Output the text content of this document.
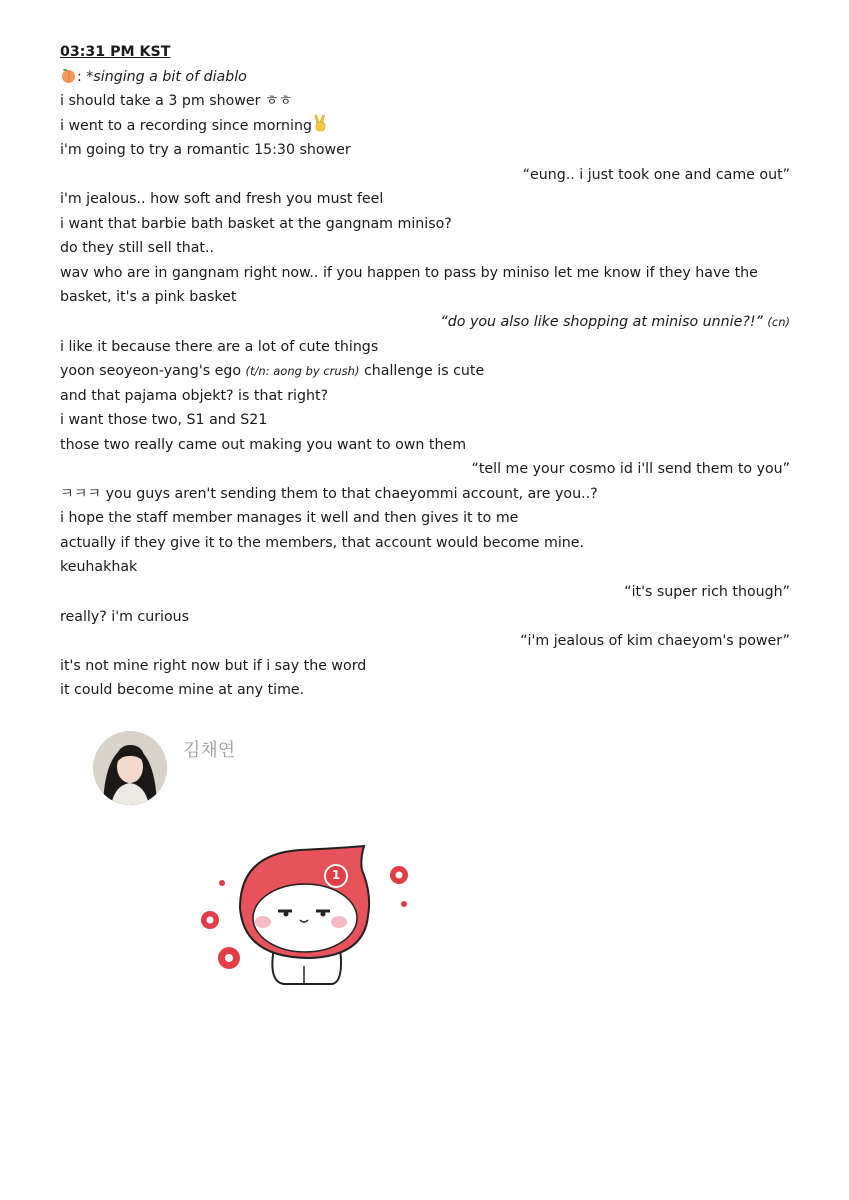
03:31 PM KST
: *singing a bit of diablo
i should take a 3 pm shower ㅎㅎ
i went to a recording since morning
i'm going to try a romantic 15:30 shower
“eung.. i just took one and came out”
i'm jealous.. how soft and fresh you must feel
i want that barbie bath basket at the gangnam miniso?
do they still sell that..
wav who are in gangnam right now.. if you happen to pass by miniso let me know if they have the
basket, it's a pink basket
“do you also like shopping at miniso unnie?!” (cn)
i like it because there are a lot of cute things
yoon seoyeon-yang's ego (t/n: aong by crush) challenge is cute
and that pajama objekt? is that right?
i want those two, S1 and S21
those two really came out making you want to own them
“tell me your cosmo id i'll send them to you”
ㅋㅋㅋ you guys aren't sending them to that chaeyommi account, are you..?
i hope the staff member manages it well and then gives it to me
actually if they give it to the members, that account would become mine.
keuhakhak
“it's super rich though”
really? i'm curious
“i'm jealous of kim chaeyom's power”
it's not mine right now but if i say the word
it could become mine at any time.
김채연
1
